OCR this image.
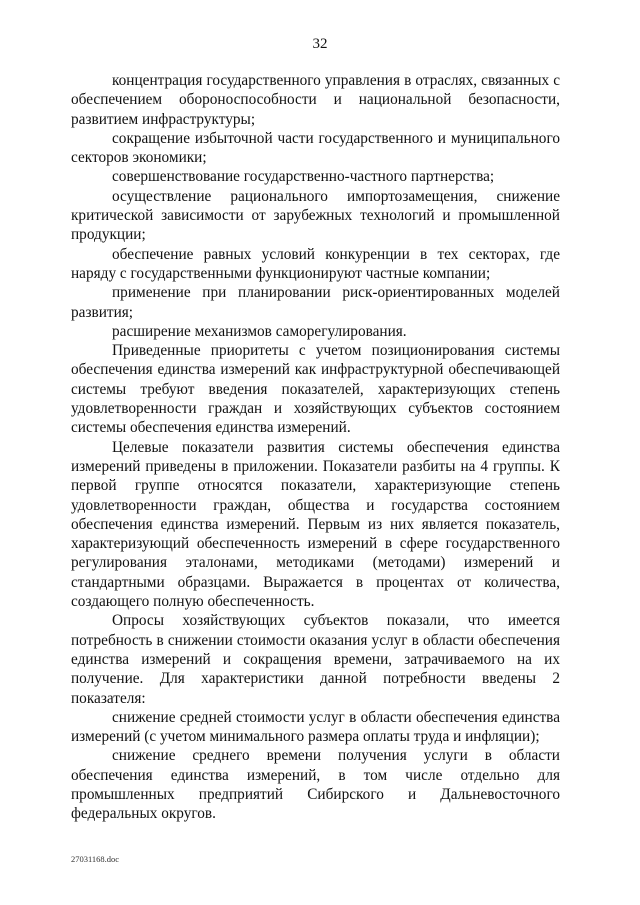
32

концентрация государственного управления в отраслях, связанных с обеспечением обороноспособности и национальной безопасности, развитием инфраструктуры;

сокращение избыточной части государственного и муниципального секторов экономики;

совершенствование государственно-частного партнерства;

осуществление рационального импортозамещения, снижение критической зависимости от зарубежных технологий и промышленной продукции;

обеспечение равных условий конкуренции в тех секторах, где наряду с государственными функционируют частные компании;

применение при планировании риск-ориентированных моделей развития;

расширение механизмов саморегулирования.

Приведенные приоритеты с учетом позиционирования системы обеспечения единства измерений как инфраструктурной обеспечивающей системы требуют введения показателей, характеризующих степень удовлетворенности граждан и хозяйствующих субъектов состоянием системы обеспечения единства измерений.

Целевые показатели развития системы обеспечения единства измерений приведены в приложении. Показатели разбиты на 4 группы. К первой группе относятся показатели, характеризующие степень удовлетворенности граждан, общества и государства состоянием обеспечения единства измерений. Первым из них является показатель, характеризующий обеспеченность измерений в сфере государственного регулирования эталонами, методиками (методами) измерений и стандартными образцами. Выражается в процентах от количества, создающего полную обеспеченность.

Опросы хозяйствующих субъектов показали, что имеется потребность в снижении стоимости оказания услуг в области обеспечения единства измерений и сокращения времени, затрачиваемого на их получение. Для характеристики данной потребности введены 2 показателя:

снижение средней стоимости услуг в области обеспечения единства измерений (с учетом минимального размера оплаты труда и инфляции);

снижение среднего времени получения услуги в области обеспечения единства измерений, в том числе отдельно для промышленных предприятий Сибирского и Дальневосточного федеральных округов.

27031168.doc
